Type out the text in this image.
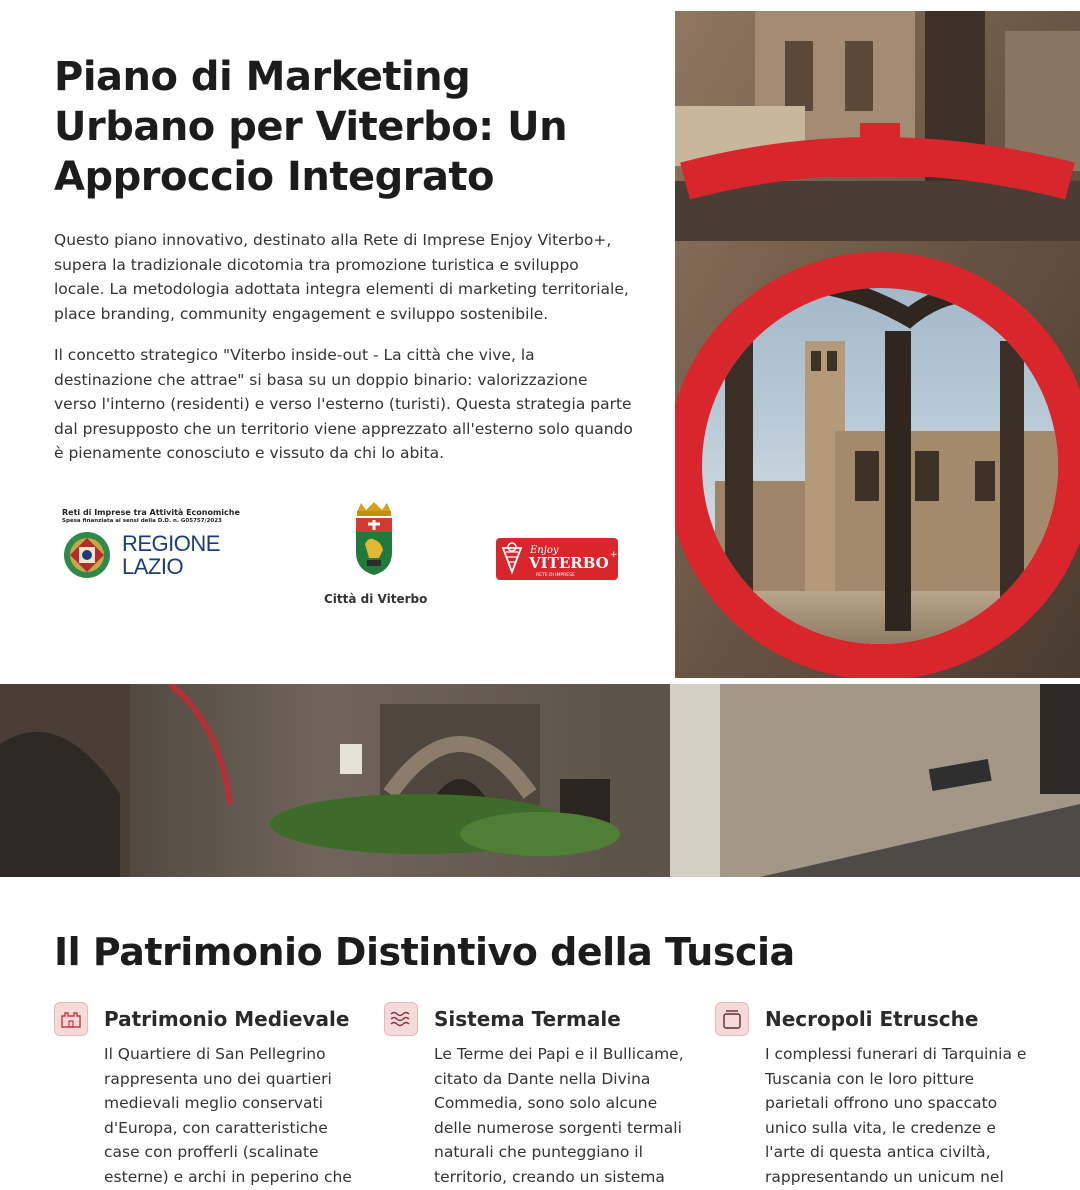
Piano di Marketing Urbano per Viterbo: Un Approccio Integrato

Questo piano innovativo, destinato alla Rete di Imprese Enjoy Viterbo+, supera la tradizionale dicotomia tra promozione turistica e sviluppo locale. La metodologia adottata integra elementi di marketing territoriale, place branding, community engagement e sviluppo sostenibile.

Il concetto strategico "Viterbo inside-out - La città che vive, la destinazione che attrae" si basa su un doppio binario: valorizzazione verso l'interno (residenti) e verso l'esterno (turisti). Questa strategia parte dal presupposto che un territorio viene apprezzato all'esterno solo quando è pienamente conosciuto e vissuto da chi lo abita.

Reti di Imprese tra Attività Economiche
Spesa finanziata ai sensi della D.D. n. G05757/2023
REGIONE
LAZIO
Città di Viterbo
Enjoy
VITERBO +
RETE DI IMPRESE
Il Patrimonio Distintivo della Tuscia

Patrimonio Medievale

Il Quartiere di San Pellegrino rappresenta uno dei quartieri medievali meglio conservati d'Europa, con caratteristiche case con profferli (scalinate esterne) e archi in peperino che

Sistema Termale

Le Terme dei Papi e il Bullicame, citato da Dante nella Divina Commedia, sono solo alcune delle numerose sorgenti termali naturali che punteggiano il territorio, creando un sistema

Necropoli Etrusche

I complessi funerari di Tarquinia e Tuscania con le loro pitture parietali offrono uno spaccato unico sulla vita, le credenze e l'arte di questa antica civiltà, rappresentando un unicum nel
